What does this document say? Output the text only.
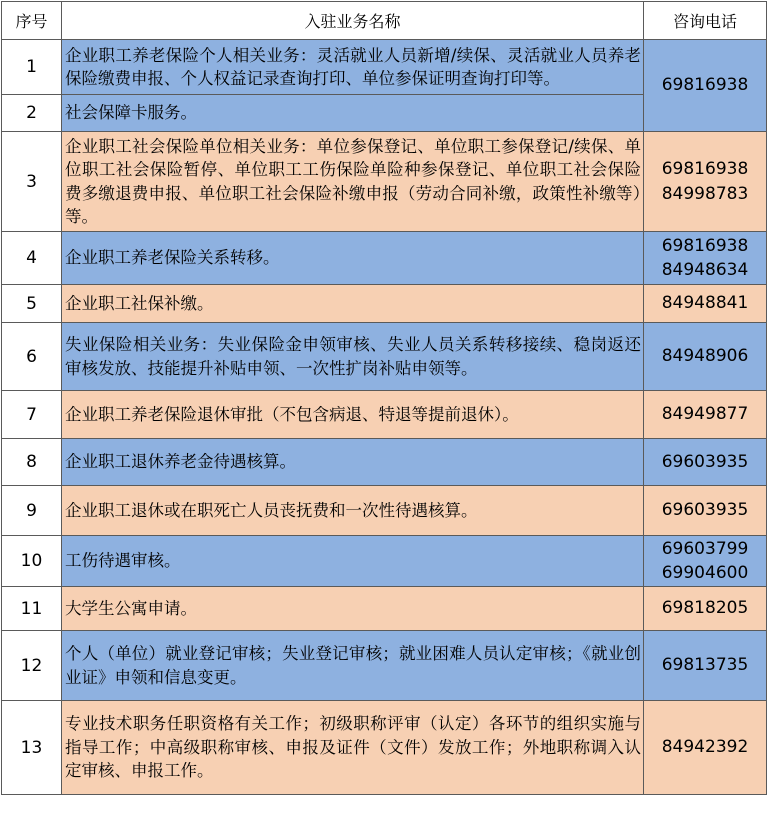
序号	入驻业务名称	咨询电话
1	企业职工养老保险个人相关业务：灵活就业人员新增/续保、灵活就业人员养老保险缴费申报、个人权益记录查询打印、单位参保证明查询打印等。	69816938

2	社会保障卡服务。	
3	企业职工社会保险单位相关业务：单位参保登记、单位职工参保登记/续保、单位职工社会保险暂停、单位职工工伤保险单险种参保登记、单位职工社会保险费多缴退费申报、单位职工社会保险补缴申报（劳动合同补缴，政策性补缴等）等。	69816938
84998783

4	企业职工养老保险关系转移。	69816938
84948634

5	企业职工社保补缴。	84948841

6	失业保险相关业务：失业保险金申领审核、失业人员关系转移接续、稳岗返还审核发放、技能提升补贴申领、一次性扩岗补贴申领等。	84948906

7	企业职工养老保险退休审批（不包含病退、特退等提前退休）。	84949877

8	企业职工退休养老金待遇核算。	69603935

9	企业职工退休或在职死亡人员丧抚费和一次性待遇核算。	69603935

10	工伤待遇审核。	69603799
69904600

11	大学生公寓申请。	69818205

12	个人（单位）就业登记审核；失业登记审核；就业困难人员认定审核；《就业创业证》申领和信息变更。	69813735

13	专业技术职务任职资格有关工作；初级职称评审（认定）各环节的组织实施与指导工作；中高级职称审核、申报及证件（文件）发放工作；外地职称调入认定审核、申报工作。	84942392
